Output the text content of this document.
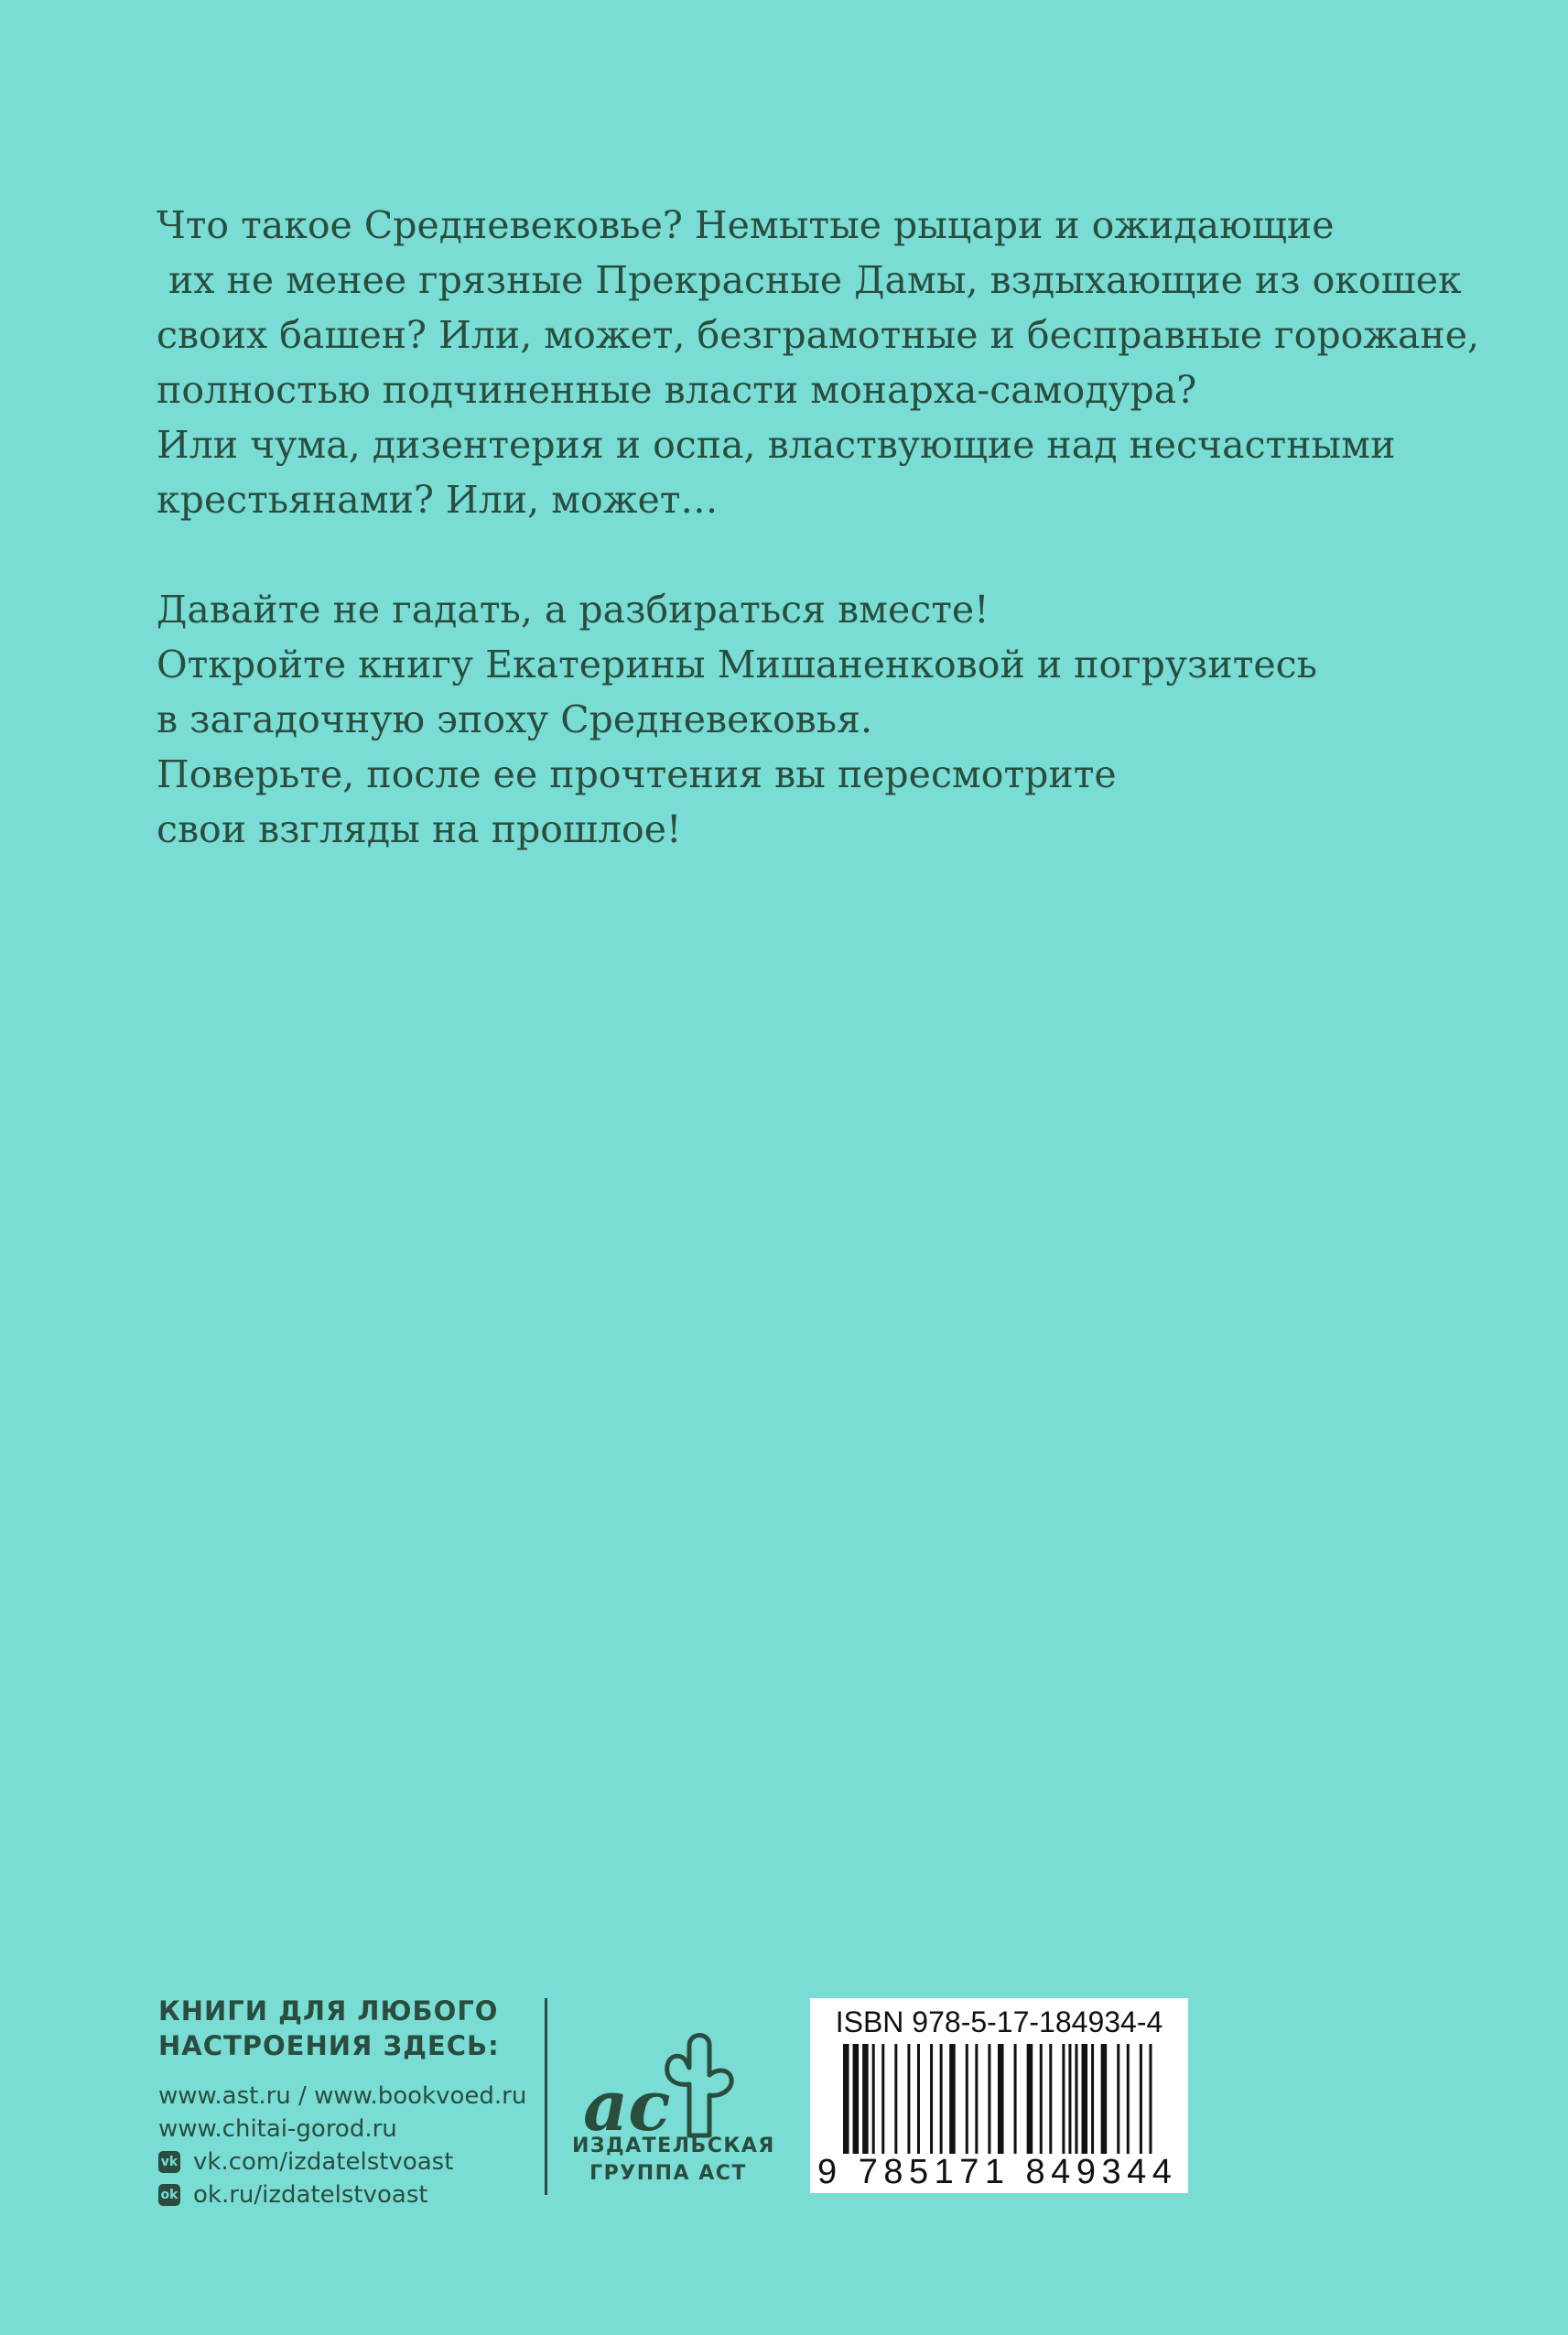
Что такое Средневековье? Немытые рыцари и ожидающие
их не менее грязные Прекрасные Дамы, вздыхающие из окошек
своих башен? Или, может, безграмотные и бесправные горожане,
полностью подчиненные власти монарха-самодура?
Или чума, дизентерия и оспа, властвующие над несчастными
крестьянами? Или, может…

Давайте не гадать, а разбираться вместе!
Откройте книгу Екатерины Мишаненковой и погрузитесь
в загадочную эпоху Средневековья.
Поверьте, после ее прочтения вы пересмотрите
свои взгляды на прошлое!

КНИГИ ДЛЯ ЛЮБОГО
НАСТРОЕНИЯ ЗДЕСЬ:
www.ast.ru / www.bookvoed.ru
www.chitai-gorod.ru
vk vk.com/izdatelstvoast
ok ok.ru/izdatelstvoast
ac
ИЗДАТЕЛЬСКАЯ
ГРУППА АСТ
ISBN 978-5-17-184934-4
9 785171 849344
